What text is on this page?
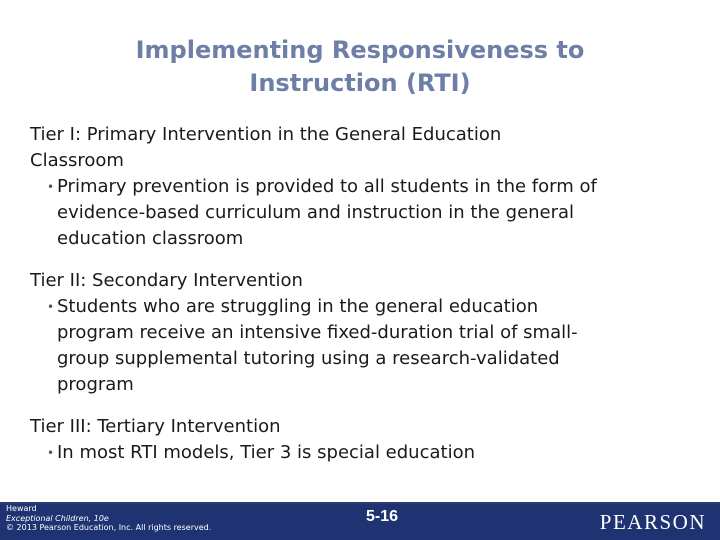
Implementing Responsiveness to
Instruction (RTI)
Tier I: Primary Intervention in the General Education
Classroom
• Primary prevention is provided to all students in the form of
evidence-based curriculum and instruction in the general
education classroom
Tier II: Secondary Intervention
• Students who are struggling in the general education
program receive an intensive fixed-duration trial of small-
group supplemental tutoring using a research-validated
program
Tier III: Tertiary Intervention
• In most RTI models, Tier 3 is special education
Heward
Exceptional Children, 10e
© 2013 Pearson Education, Inc. All rights reserved.
5-16	PEARSON
